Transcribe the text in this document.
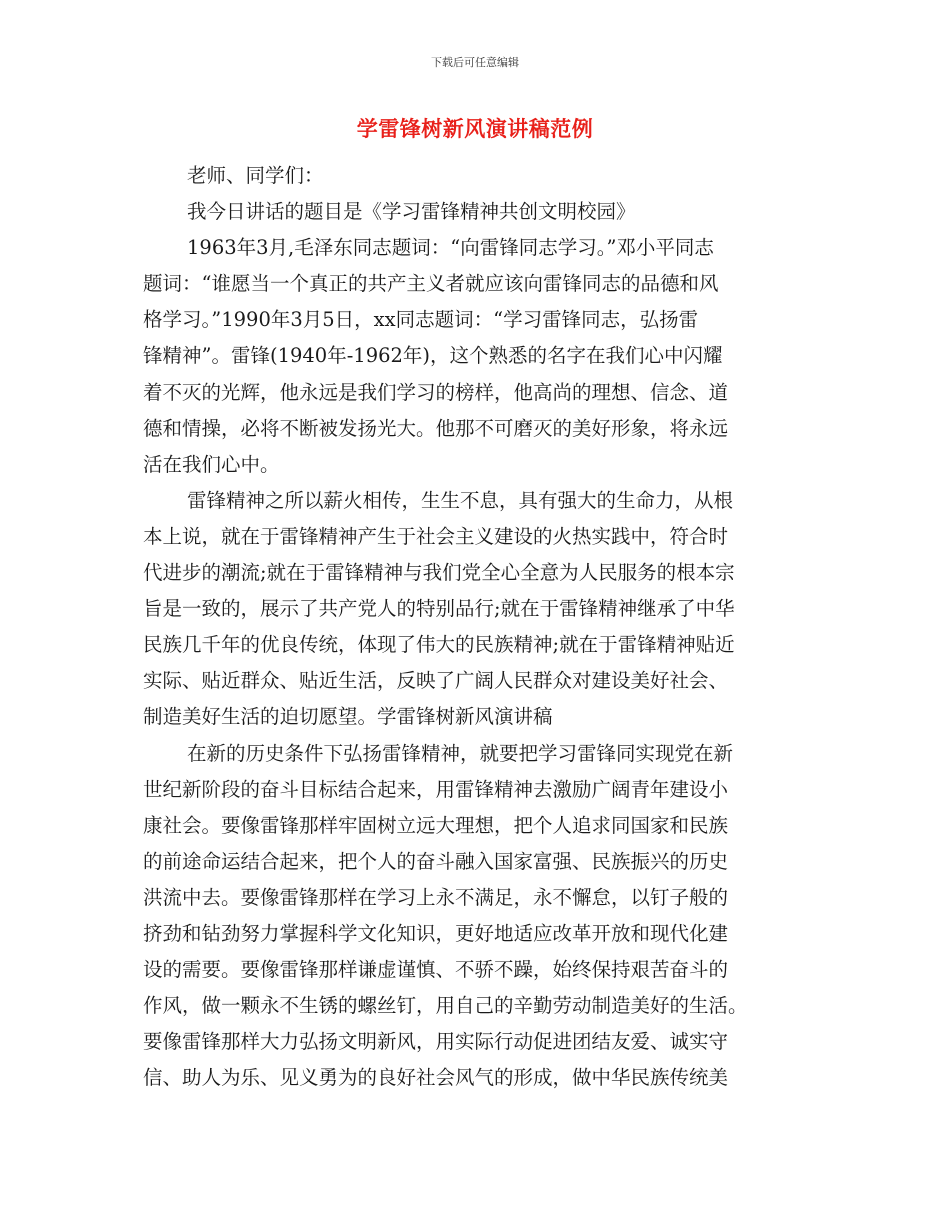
下载后可任意编辑
学雷锋树新风演讲稿范例
老师、同学们：
我今日讲话的题目是《学习雷锋精神共创文明校园》
1963年3月,毛泽东同志题词：“向雷锋同志学习。”邓小平同志
题词：“谁愿当一个真正的共产主义者就应该向雷锋同志的品德和风
格学习。”1990年3月5日，xx同志题词：“学习雷锋同志，弘扬雷
锋精神”。雷锋(1940年-1962年)，这个熟悉的名字在我们心中闪耀
着不灭的光辉，他永远是我们学习的榜样，他高尚的理想、信念、道
德和情操，必将不断被发扬光大。他那不可磨灭的美好形象，将永远
活在我们心中。
雷锋精神之所以薪火相传，生生不息，具有强大的生命力，从根
本上说，就在于雷锋精神产生于社会主义建设的火热实践中，符合时
代进步的潮流;就在于雷锋精神与我们党全心全意为人民服务的根本宗
旨是一致的，展示了共产党人的特别品行;就在于雷锋精神继承了中华
民族几千年的优良传统，体现了伟大的民族精神;就在于雷锋精神贴近
实际、贴近群众、贴近生活，反映了广阔人民群众对建设美好社会、
制造美好生活的迫切愿望。学雷锋树新风演讲稿
在新的历史条件下弘扬雷锋精神，就要把学习雷锋同实现党在新
世纪新阶段的奋斗目标结合起来，用雷锋精神去激励广阔青年建设小
康社会。要像雷锋那样牢固树立远大理想，把个人追求同国家和民族
的前途命运结合起来，把个人的奋斗融入国家富强、民族振兴的历史
洪流中去。要像雷锋那样在学习上永不满足，永不懈怠，以钉子般的
挤劲和钻劲努力掌握科学文化知识，更好地适应改革开放和现代化建
设的需要。要像雷锋那样谦虚谨慎、不骄不躁，始终保持艰苦奋斗的
作风，做一颗永不生锈的螺丝钉，用自己的辛勤劳动制造美好的生活。
要像雷锋那样大力弘扬文明新风，用实际行动促进团结友爱、诚实守
信、助人为乐、见义勇为的良好社会风气的形成，做中华民族传统美
